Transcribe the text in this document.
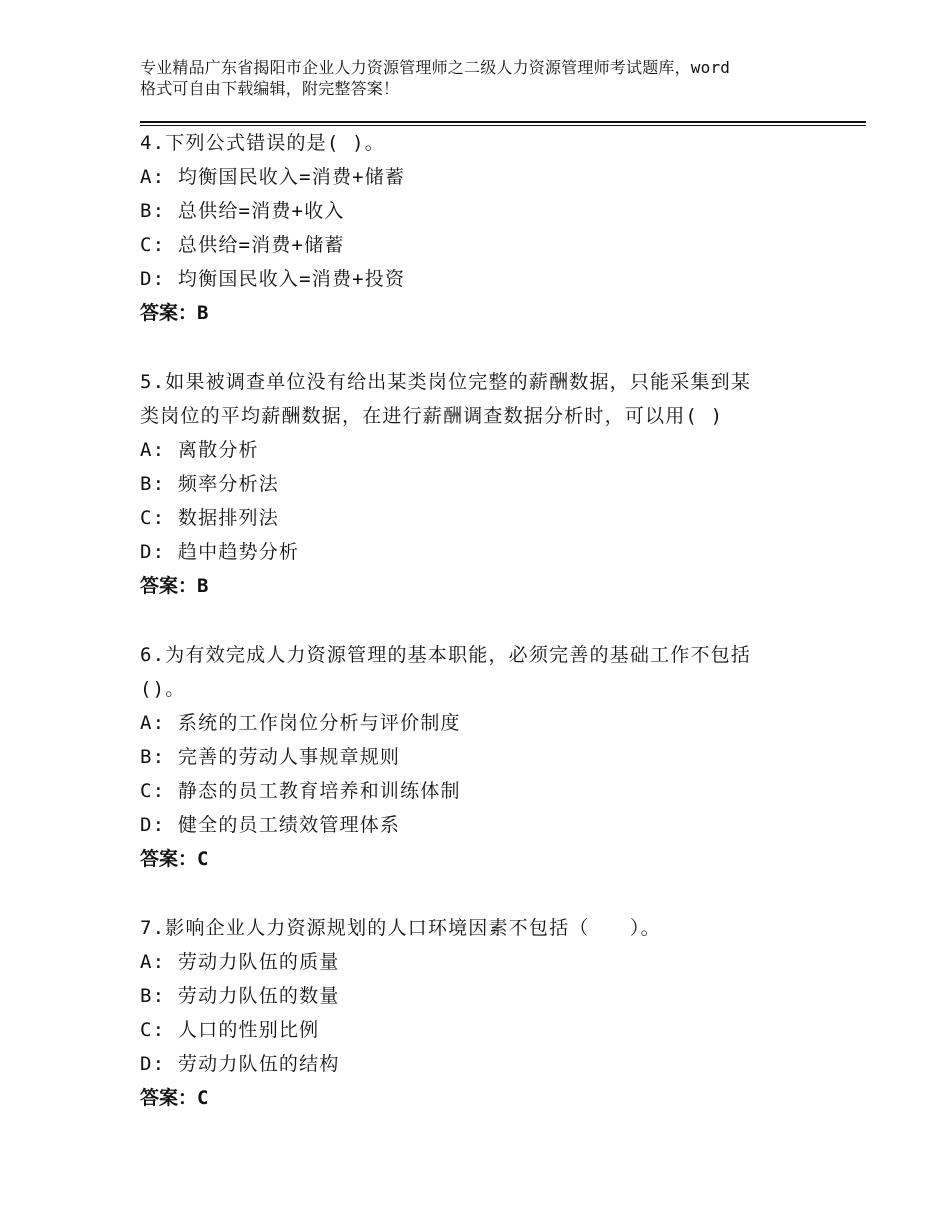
专业精品广东省揭阳市企业人力资源管理师之二级人力资源管理师考试题库，word
格式可自由下载编辑，附完整答案！

4.下列公式错误的是( )。

A: 均衡国民收入=消费+储蓄

B: 总供给=消费+收入

C: 总供给=消费+储蓄

D: 均衡国民收入=消费+投资

答案：B

5.如果被调查单位没有给出某类岗位完整的薪酬数据，只能采集到某
类岗位的平均薪酬数据，在进行薪酬调查数据分析时，可以用( )

A: 离散分析

B: 频率分析法

C: 数据排列法

D: 趋中趋势分析

答案：B

6.为有效完成人力资源管理的基本职能，必须完善的基础工作不包括
()。

A: 系统的工作岗位分析与评价制度

B: 完善的劳动人事规章规则

C: 静态的员工教育培养和训练体制

D: 健全的员工绩效管理体系

答案：C

7.影响企业人力资源规划的人口环境因素不包括（　　）。

A: 劳动力队伍的质量

B: 劳动力队伍的数量

C: 人口的性别比例

D: 劳动力队伍的结构

答案：C
